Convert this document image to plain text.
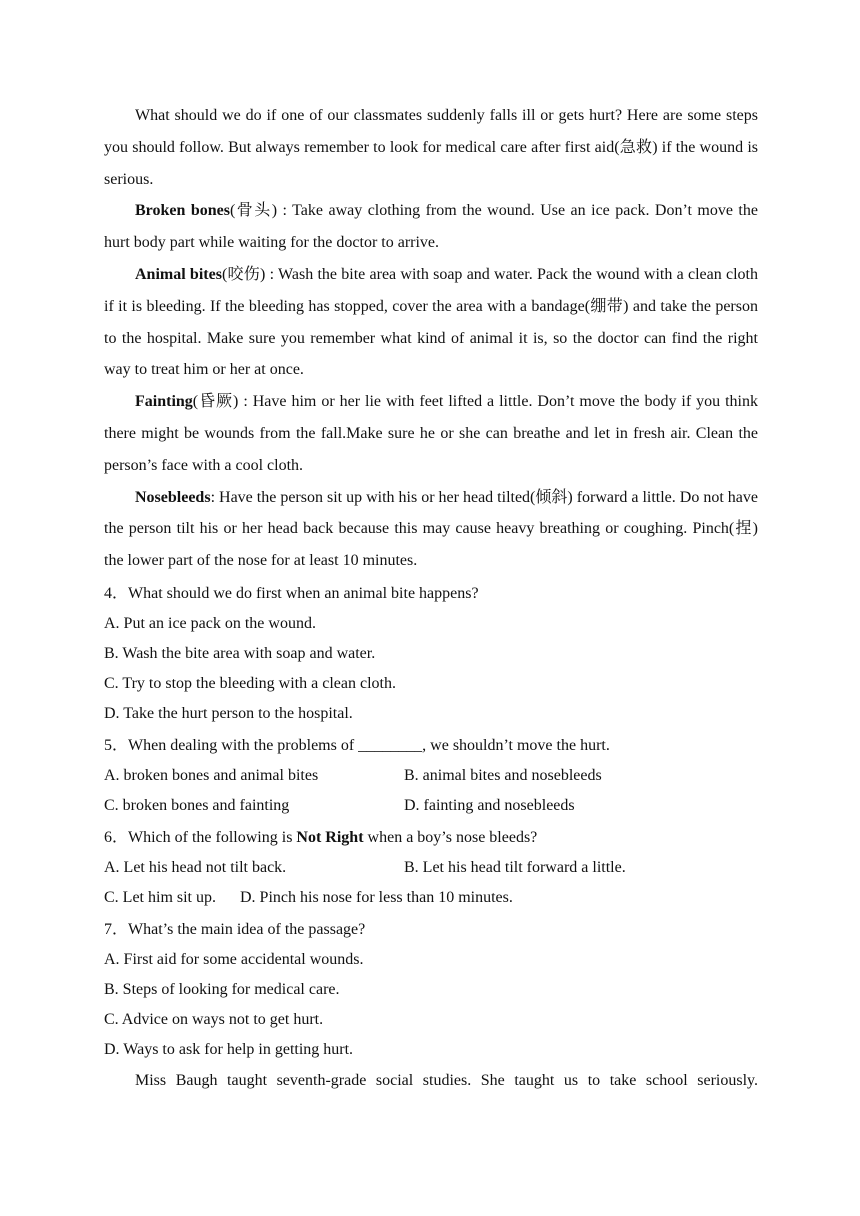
What should we do if one of our classmates suddenly falls ill or gets hurt? Here are some steps you should follow. But always remember to look for medical care after first aid(急救) if the wound is serious.

Broken bones(骨头) : Take away clothing from the wound. Use an ice pack. Don’t move the hurt body part while waiting for the doctor to arrive.

Animal bites(咬伤) : Wash the bite area with soap and water. Pack the wound with a clean cloth if it is bleeding. If the bleeding has stopped, cover the area with a bandage(绷带) and take the person to the hospital. Make sure you remember what kind of animal it is, so the doctor can find the right way to treat him or her at once.

Fainting(昏厥) : Have him or her lie with feet lifted a little. Don’t move the body if you think there might be wounds from the fall.Make sure he or she can breathe and let in fresh air. Clean the person’s face with a cool cloth.

Nosebleeds: Have the person sit up with his or her head tilted(倾斜) forward a little. Do not have the person tilt his or her head back because this may cause heavy breathing or coughing. Pinch(捏) the lower part of the nose for at least 10 minutes.

4．What should we do first when an animal bite happens?

A. Put an ice pack on the wound.

B. Wash the bite area with soap and water.

C. Try to stop the bleeding with a clean cloth.

D. Take the hurt person to the hospital.

5．When dealing with the problems of ________, we shouldn’t move the hurt.

A. broken bones and animal bites	B. animal bites and nosebleeds
C. broken bones and fainting	D. fainting and nosebleeds

6．Which of the following is Not Right when a boy’s nose bleeds?

A. Let his head not tilt back.	B. Let his head tilt forward a little.
C. Let him sit up. D. Pinch his nose for less than 10 minutes.

7．What’s the main idea of the passage?

A. First aid for some accidental wounds.

B. Steps of looking for medical care.

C. Advice on ways not to get hurt.

D. Ways to ask for help in getting hurt.

Miss Baugh taught seventh-grade social studies. She taught us to take school seriously.
